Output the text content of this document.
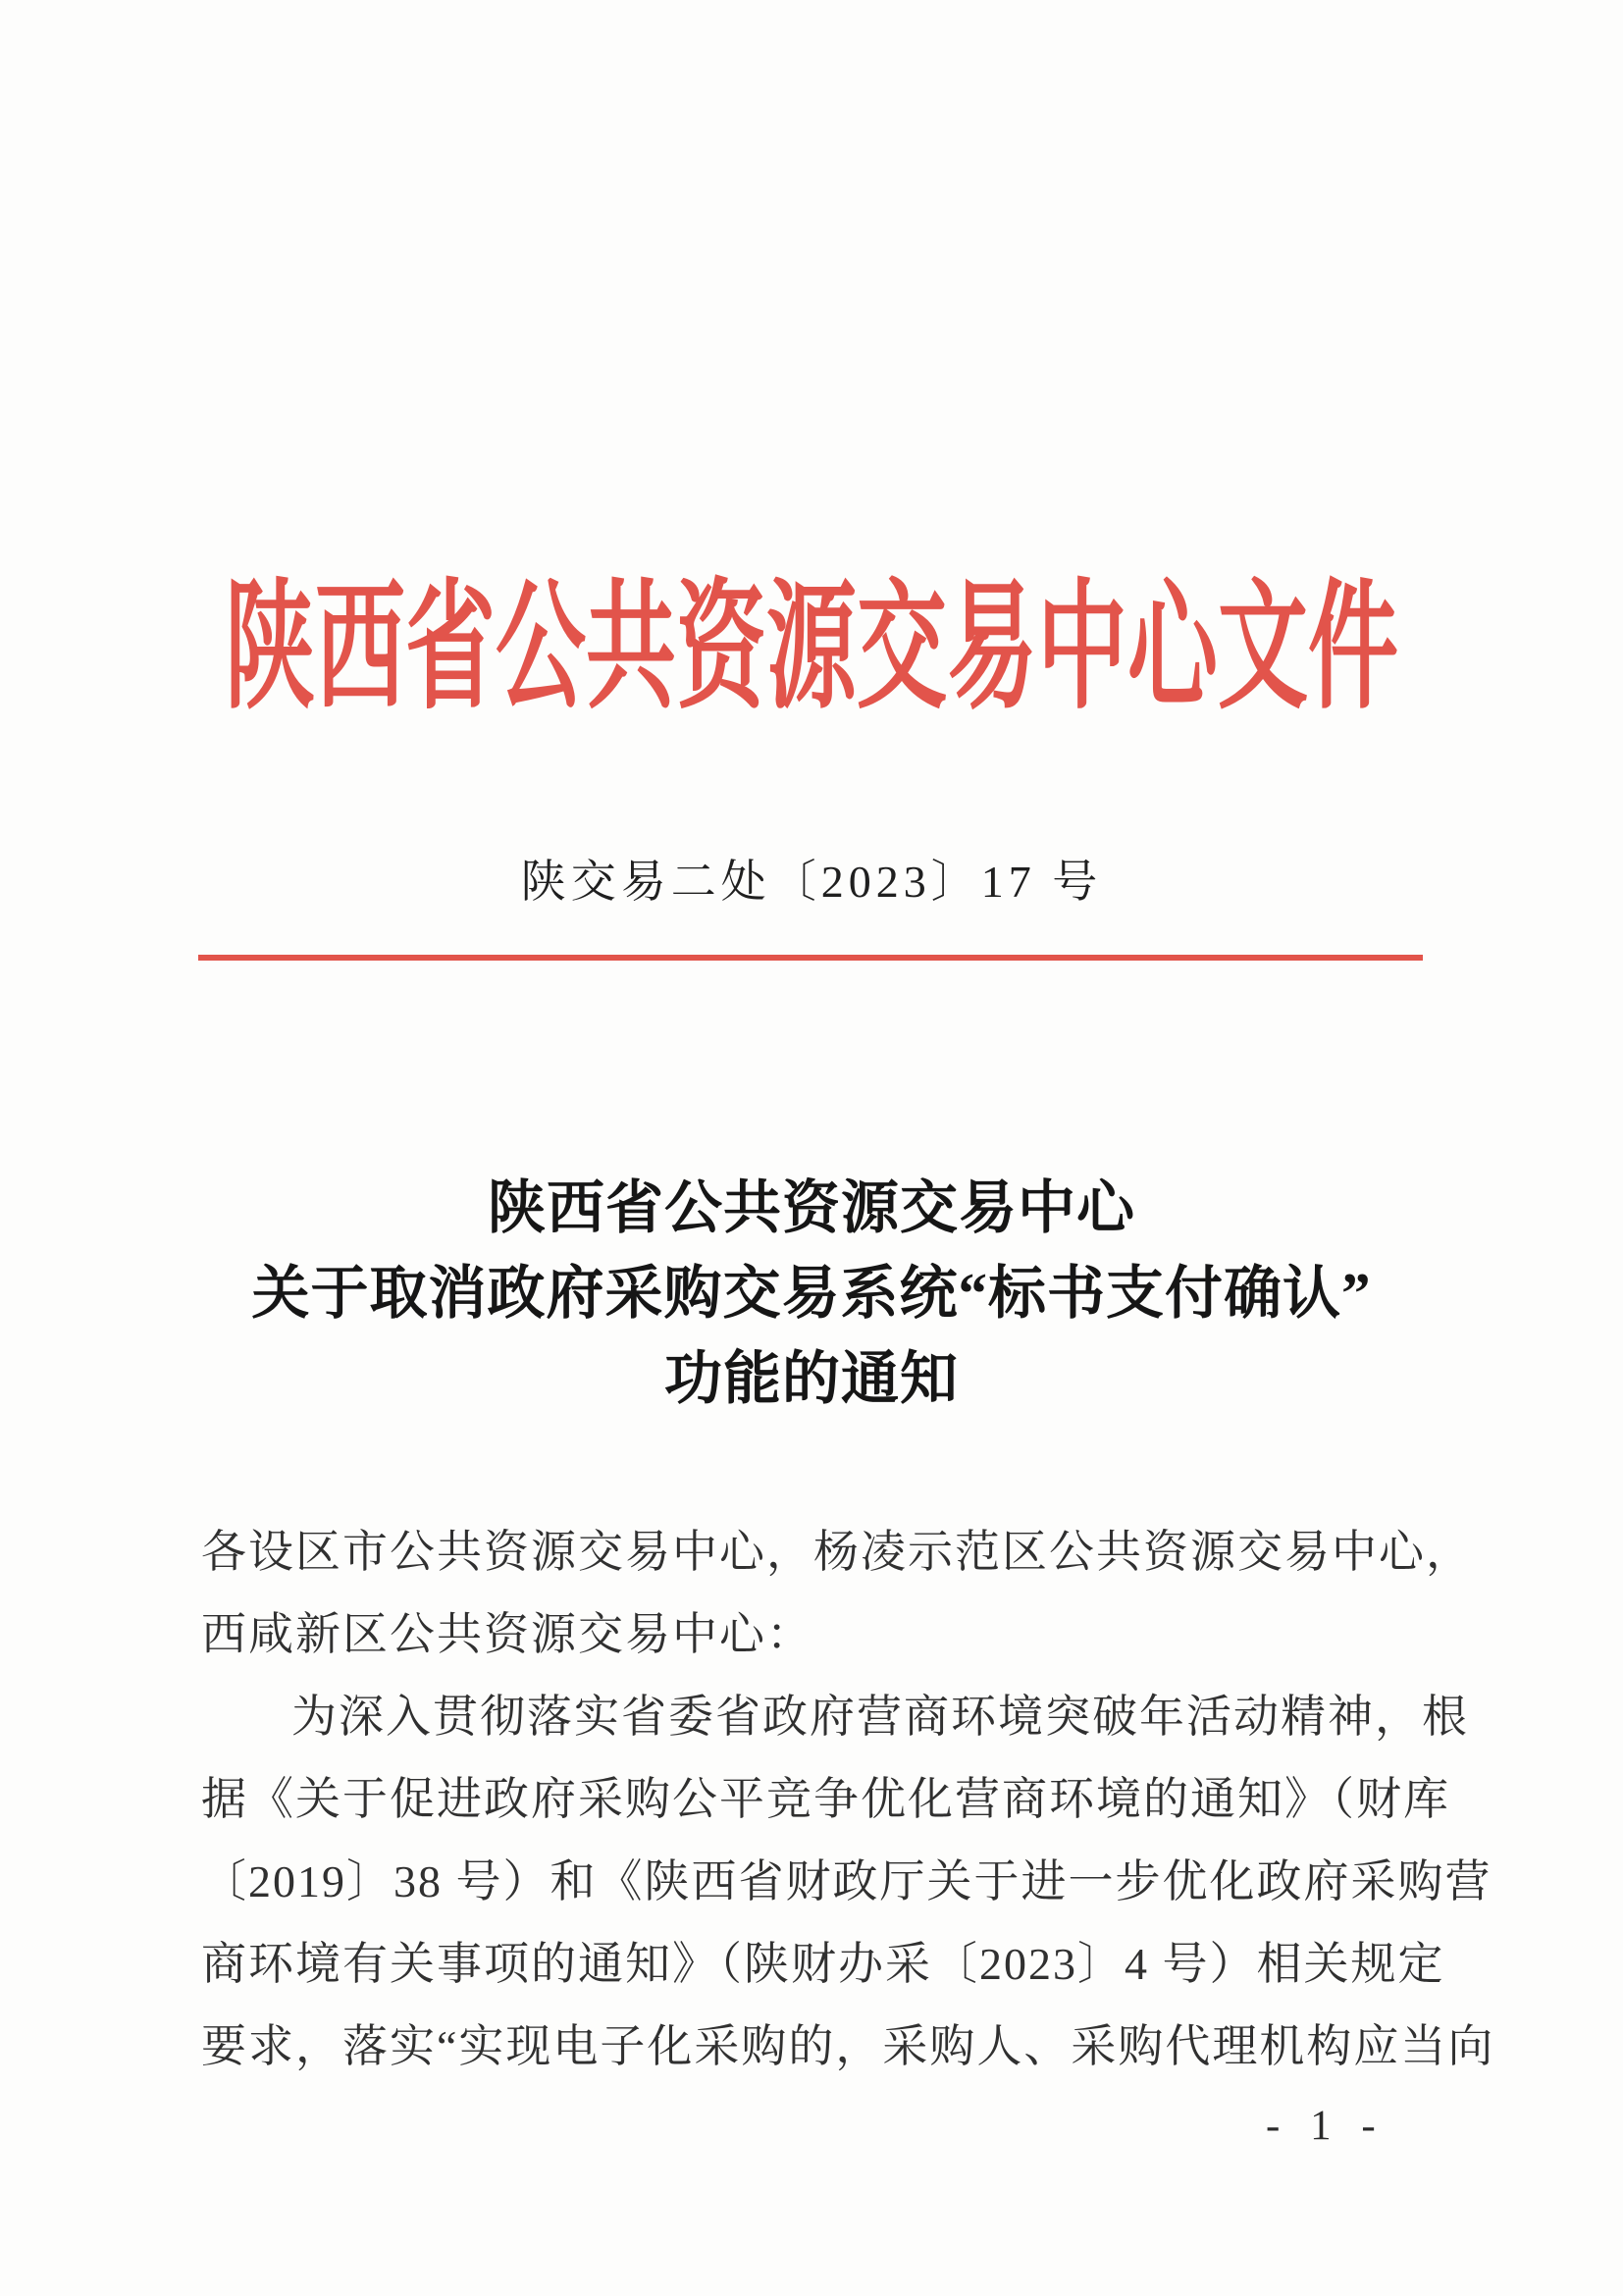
陕西省公共资源交易中心文件
陕交易二处〔2023〕17 号
陕西省公共资源交易中心
关于取消政府采购交易系统“标书支付确认”
功能的通知
各设区市公共资源交易中心，杨凌示范区公共资源交易中心，
西咸新区公共资源交易中心：
为深入贯彻落实省委省政府营商环境突破年活动精神，根
据《关于促进政府采购公平竞争优化营商环境的通知》（财库
〔2019〕38 号）和《陕西省财政厅关于进一步优化政府采购营
商环境有关事项的通知》（陕财办采〔2023〕4 号）相关规定
要求，落实“实现电子化采购的，采购人、采购代理机构应当向
- 1 -
